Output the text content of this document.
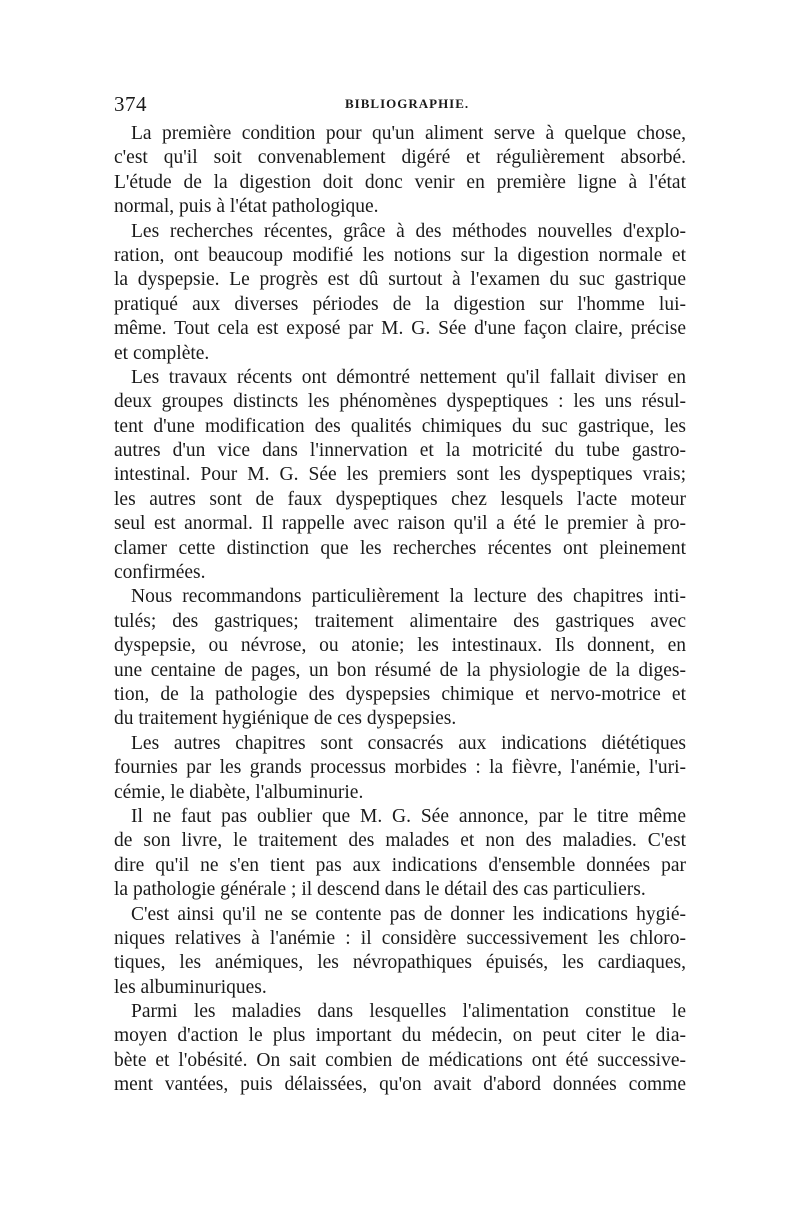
374	BIBLIOGRAPHIE.
La première condition pour qu'un aliment serve à quelque chose,
c'est qu'il soit convenablement digéré et régulièrement absorbé.
L'étude de la digestion doit donc venir en première ligne à l'état
normal, puis à l'état pathologique.
Les recherches récentes, grâce à des méthodes nouvelles d'explo-
ration, ont beaucoup modifié les notions sur la digestion normale et
la dyspepsie. Le progrès est dû surtout à l'examen du suc gastrique
pratiqué aux diverses périodes de la digestion sur l'homme lui-
même. Tout cela est exposé par M. G. Sée d'une façon claire, précise
et complète.
Les travaux récents ont démontré nettement qu'il fallait diviser en
deux groupes distincts les phénomènes dyspeptiques : les uns résul-
tent d'une modification des qualités chimiques du suc gastrique, les
autres d'un vice dans l'innervation et la motricité du tube gastro-
intestinal. Pour M. G. Sée les premiers sont les dyspeptiques vrais;
les autres sont de faux dyspeptiques chez lesquels l'acte moteur
seul est anormal. Il rappelle avec raison qu'il a été le premier à pro-
clamer cette distinction que les recherches récentes ont pleinement
confirmées.
Nous recommandons particulièrement la lecture des chapitres inti-
tulés; des gastriques; traitement alimentaire des gastriques avec
dyspepsie, ou névrose, ou atonie; les intestinaux. Ils donnent, en
une centaine de pages, un bon résumé de la physiologie de la diges-
tion, de la pathologie des dyspepsies chimique et nervo-motrice et
du traitement hygiénique de ces dyspepsies.
Les autres chapitres sont consacrés aux indications diététiques
fournies par les grands processus morbides : la fièvre, l'anémie, l'uri-
cémie, le diabète, l'albuminurie.
Il ne faut pas oublier que M. G. Sée annonce, par le titre même
de son livre, le traitement des malades et non des maladies. C'est
dire qu'il ne s'en tient pas aux indications d'ensemble données par
la pathologie générale ; il descend dans le détail des cas particuliers.
C'est ainsi qu'il ne se contente pas de donner les indications hygié-
niques relatives à l'anémie : il considère successivement les chloro-
tiques, les anémiques, les névropathiques épuisés, les cardiaques,
les albuminuriques.
Parmi les maladies dans lesquelles l'alimentation constitue le
moyen d'action le plus important du médecin, on peut citer le dia-
bète et l'obésité. On sait combien de médications ont été successive-
ment vantées, puis délaissées, qu'on avait d'abord données comme
